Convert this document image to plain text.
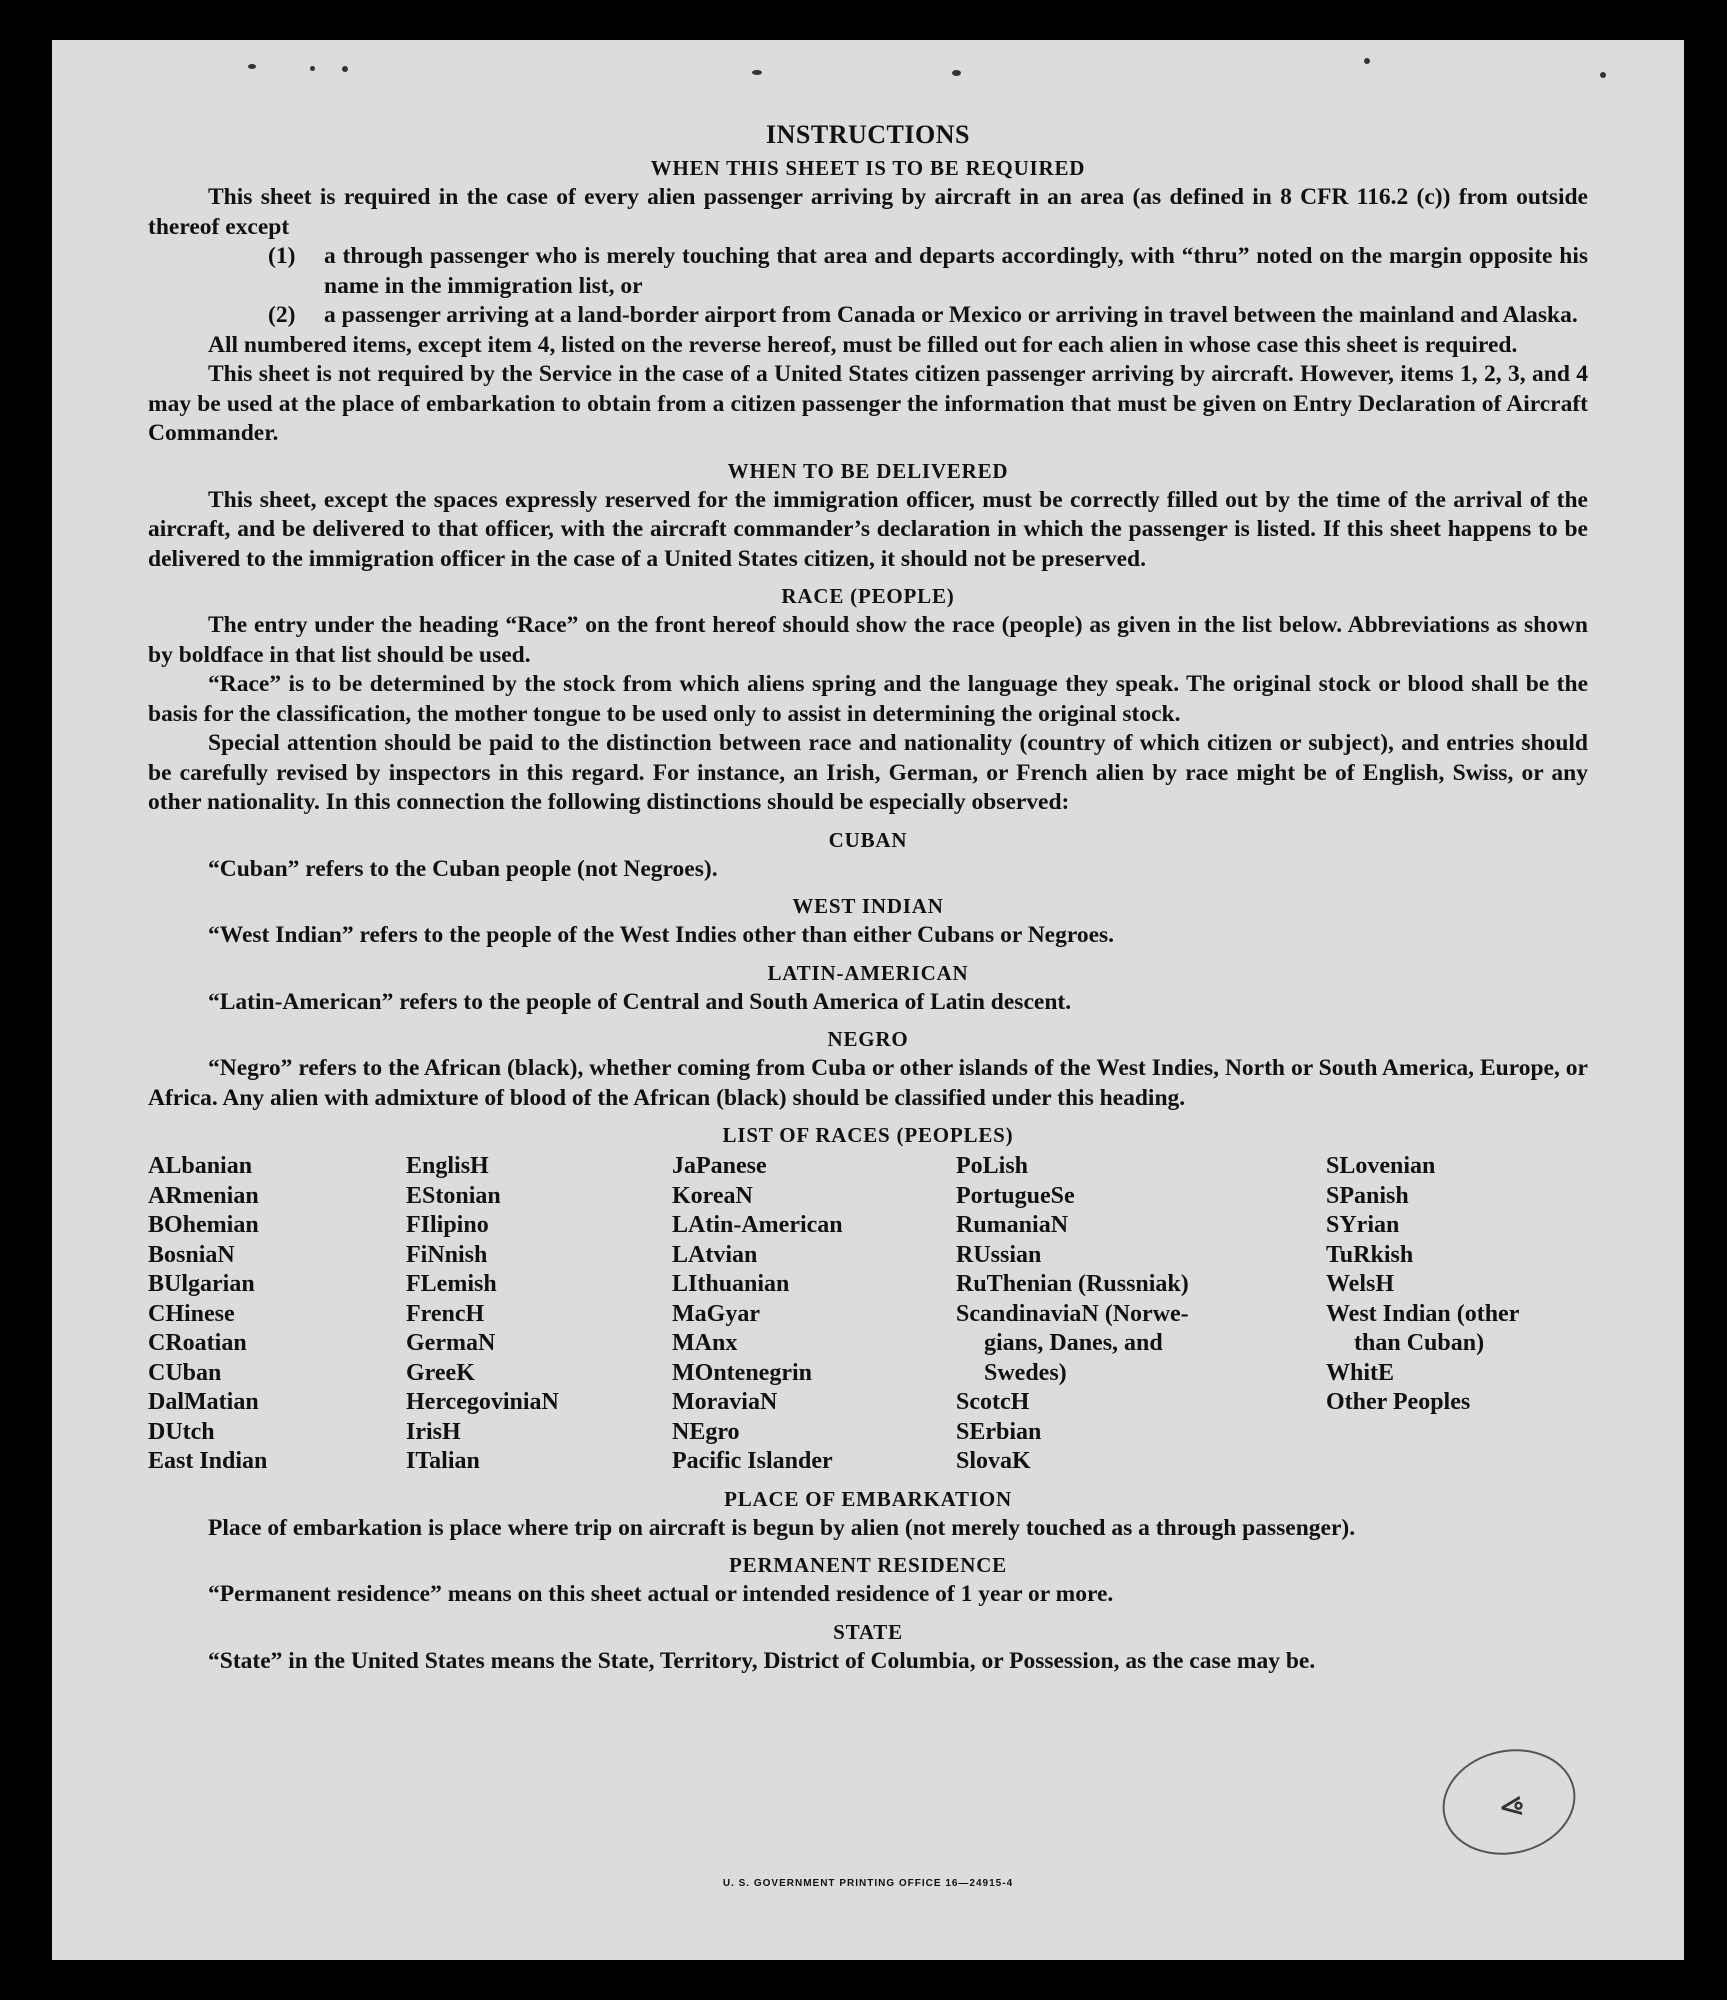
⩹
INSTRUCTIONS
WHEN THIS SHEET IS TO BE REQUIRED

This sheet is required in the case of every alien passenger arriving by aircraft in an area (as defined in 8 CFR 116.2 (c)) from outside thereof except

(1)	a through passenger who is merely touching that area and departs accordingly, with “thru” noted on the margin opposite his name in the immigration list, or
(2)	a passenger arriving at a land-border airport from Canada or Mexico or arriving in travel between the mainland and Alaska.

All numbered items, except item 4, listed on the reverse hereof, must be filled out for each alien in whose case this sheet is required.

This sheet is not required by the Service in the case of a United States citizen passenger arriving by aircraft. However, items 1, 2, 3, and 4 may be used at the place of embarkation to obtain from a citizen passenger the information that must be given on Entry Declaration of Aircraft Commander.

WHEN TO BE DELIVERED

This sheet, except the spaces expressly reserved for the immigration officer, must be correctly filled out by the time of the arrival of the aircraft, and be delivered to that officer, with the aircraft commander’s declaration in which the passenger is listed. If this sheet happens to be delivered to the immigration officer in the case of a United States citizen, it should not be preserved.

RACE (PEOPLE)

The entry under the heading “Race” on the front hereof should show the race (people) as given in the list below. Abbreviations as shown by boldface in that list should be used.

“Race” is to be determined by the stock from which aliens spring and the language they speak. The original stock or blood shall be the basis for the classification, the mother tongue to be used only to assist in determining the original stock.

Special attention should be paid to the distinction between race and nationality (country of which citizen or subject), and entries should be carefully revised by inspectors in this regard. For instance, an Irish, German, or French alien by race might be of English, Swiss, or any other nationality. In this connection the following distinctions should be especially observed:

CUBAN

“Cuban” refers to the Cuban people (not Negroes).

WEST INDIAN

“West Indian” refers to the people of the West Indies other than either Cubans or Negroes.

LATIN-AMERICAN

“Latin-American” refers to the people of Central and South America of Latin descent.

NEGRO

“Negro” refers to the African (black), whether coming from Cuba or other islands of the West Indies, North or South America, Europe, or Africa. Any alien with admixture of blood of the African (black) should be classified under this heading.

LIST OF RACES (PEOPLES)
ALbanian
ARmenian
BOhemian
BosniaN
BUlgarian
CHinese
CRoatian
CUban
DalMatian
DUtch
East Indian
EnglisH
EStonian
FIlipino
FiNnish
FLemish
FrencH
GermaN
GreeK
HercegoviniaN
IrisH
ITalian
JaPanese
KoreaN
LAtin-American
LAtvian
LIthuanian
MaGyar
MAnx
MOntenegrin
MoraviaN
NEgro
Pacific Islander
PoLish
PortugueSe
RumaniaN
RUssian
RuThenian (Russniak)
ScandinaviaN (Norwe-
gians, Danes, and
Swedes)
ScotcH
SErbian
SlovaK
SLovenian
SPanish
SYrian
TuRkish
WelsH
West Indian (other
than Cuban)
WhitE
Other Peoples
PLACE OF EMBARKATION

Place of embarkation is place where trip on aircraft is begun by alien (not merely touched as a through passenger).

PERMANENT RESIDENCE

“Permanent residence” means on this sheet actual or intended residence of 1 year or more.

STATE

“State” in the United States means the State, Territory, District of Columbia, or Possession, as the case may be.

U. S. GOVERNMENT PRINTING OFFICE 16—24915-4
